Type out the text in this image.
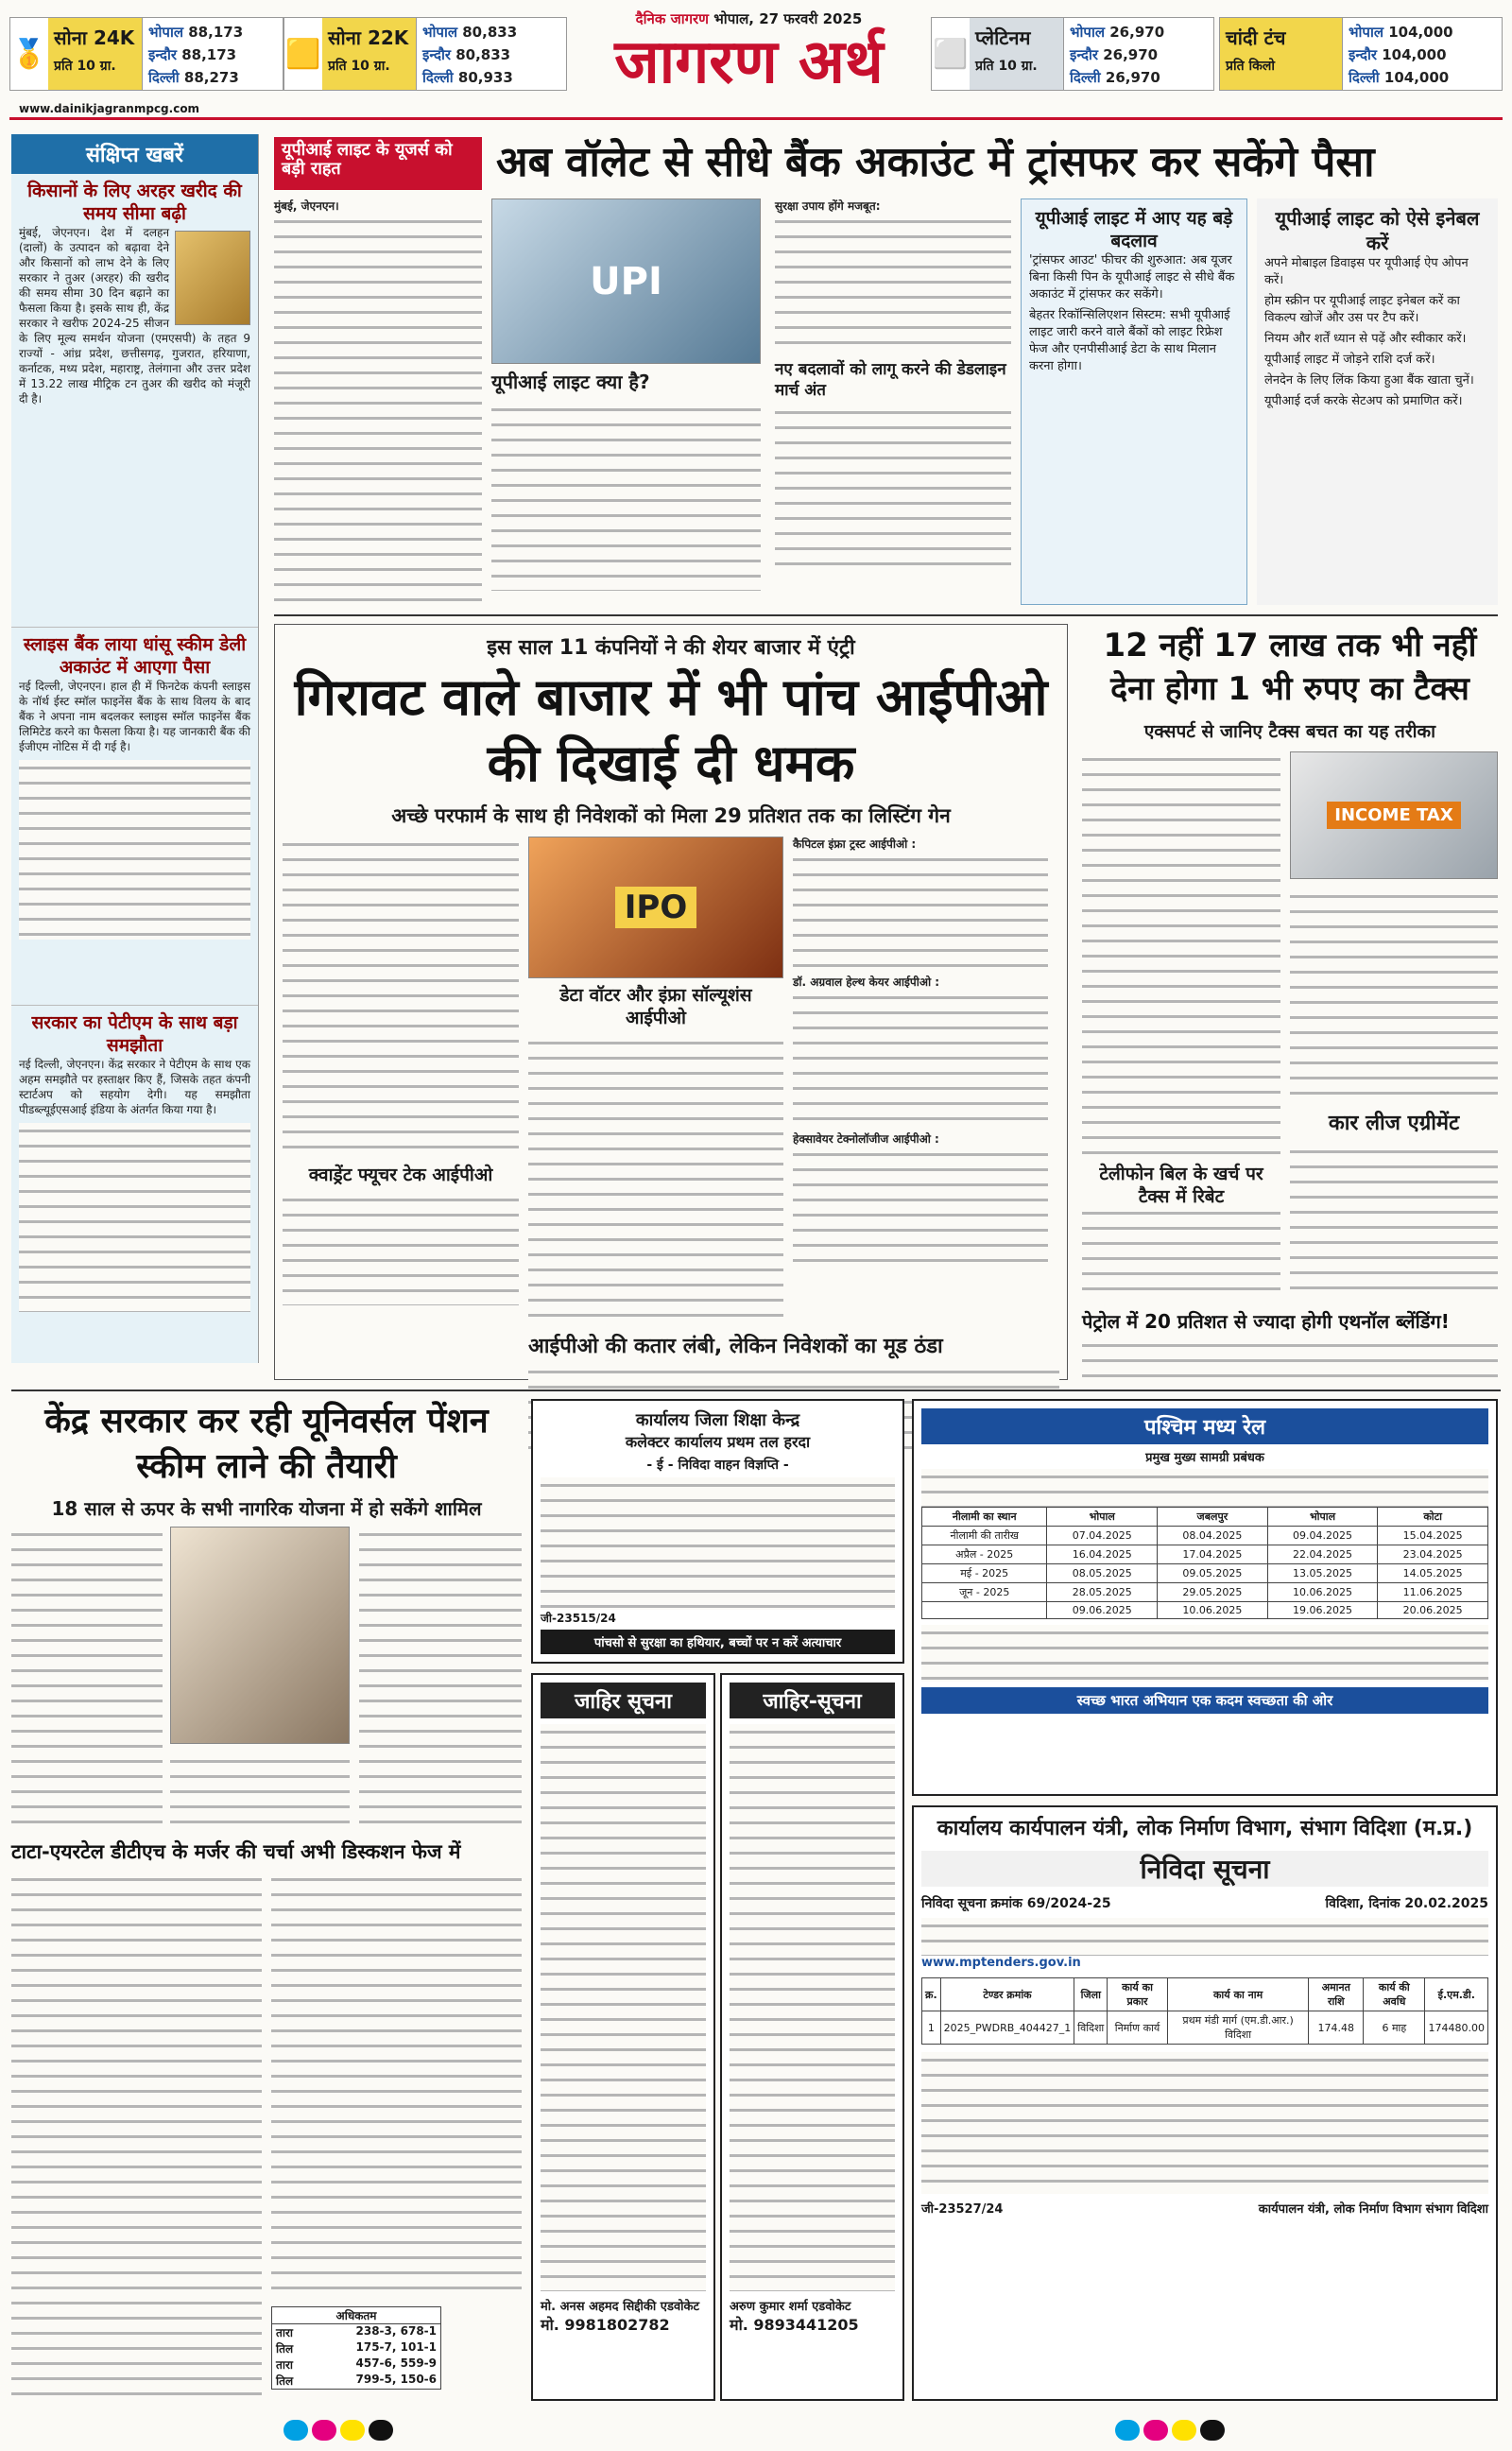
🥇 सोना 24K
प्रति 10 ग्रा.
भोपाल 88,173
इन्दौर 88,173
दिल्ली 88,273
🟨 सोना 22K
प्रति 10 ग्रा.
भोपाल 80,833
इन्दौर 80,833
दिल्ली 80,933
दैनिक जागरण भोपाल, 27 फरवरी 2025
जागरण अर्थ	⬜ प्लेटिनम
प्रति 10 ग्रा.
भोपाल 26,970
इन्दौर 26,970
दिल्ली 26,970
चांदी टंच
प्रति किलो
भोपाल 104,000
इन्दौर 104,000
दिल्ली 104,000
www.dainikjagranmpcg.com
संक्षिप्त खबरें
किसानों के लिए अरहर खरीद की समय सीमा बढ़ी
मुंबई, जेएनएन। देश में दलहन (दालों) के उत्पादन को बढ़ावा देने और किसानों को लाभ देने के लिए सरकार ने तुअर (अरहर) की खरीद की समय सीमा 30 दिन बढ़ाने का फैसला किया है। इसके साथ ही, केंद्र सरकार ने खरीफ 2024-25 सीजन के लिए मूल्य समर्थन योजना (एमएसपी) के तहत 9 राज्यों - आंध्र प्रदेश, छत्तीसगढ़, गुजरात, हरियाणा, कर्नाटक, मध्य प्रदेश, महाराष्ट्र, तेलंगाना और उत्तर प्रदेश में 13.22 लाख मीट्रिक टन तुअर की खरीद को मंजूरी दी है।
स्लाइस बैंक लाया धांसू स्कीम डेली अकाउंट में आएगा पैसा
नई दिल्ली, जेएनएन। हाल ही में फिनटेक कंपनी स्लाइस के नॉर्थ ईस्ट स्मॉल फाइनेंस बैंक के साथ विलय के बाद बैंक ने अपना नाम बदलकर स्लाइस स्मॉल फाइनेंस बैंक लिमिटेड करने का फैसला किया है। यह जानकारी बैंक की ईजीएम नोटिस में दी गई है।
सरकार का पेटीएम के साथ बड़ा समझौता
नई दिल्ली, जेएनएन। केंद्र सरकार ने पेटीएम के साथ एक अहम समझौते पर हस्ताक्षर किए हैं, जिसके तहत कंपनी स्टार्टअप को सहयोग देगी। यह समझौता पीडब्ल्यूईएसआई इंडिया के अंतर्गत किया गया है।
यूपीआई लाइट के यूजर्स को बड़ी राहत	अब वॉलेट से सीधे बैंक अकाउंट में ट्रांसफर कर सकेंगे पैसा
मुंबई, जेएनएन।
UPI
यूपीआई लाइट क्या है?
सुरक्षा उपाय होंगे मजबूत:
नए बदलावों को लागू करने की डेडलाइन मार्च अंत
यूपीआई लाइट में आए यह बड़े बदलाव
'ट्रांसफर आउट' फीचर की शुरुआत: अब यूजर बिना किसी पिन के यूपीआई लाइट से सीधे बैंक अकाउंट में ट्रांसफर कर सकेंगे।
बेहतर रिकॉन्सिलिएशन सिस्टम: सभी यूपीआई लाइट जारी करने वाले बैंकों को लाइट रिफ्रेश फेज और एनपीसीआई डेटा के साथ मिलान करना होगा।
यूपीआई लाइट को ऐसे इनेबल करें
अपने मोबाइल डिवाइस पर यूपीआई ऐप ओपन करें।
होम स्क्रीन पर यूपीआई लाइट इनेबल करें का विकल्प खोजें और उस पर टैप करें।
नियम और शर्तें ध्यान से पढ़ें और स्वीकार करें।
यूपीआई लाइट में जोड़ने राशि दर्ज करें।
लेनदेन के लिए लिंक किया हुआ बैंक खाता चुनें।
यूपीआई दर्ज करके सेटअप को प्रमाणित करें।
इस साल 11 कंपनियों ने की शेयर बाजार में एंट्री
गिरावट वाले बाजार में भी पांच आईपीओ की दिखाई दी धमक
अच्छे परफार्म के साथ ही निवेशकों को मिला 29 प्रतिशत तक का लिस्टिंग गेन
क्वाड्रेंट फ्यूचर टेक आईपीओ
IPO
डेटा वॉटर और इंफ्रा सॉल्यूशंस आईपीओ
कैपिटल इंफ्रा ट्रस्ट आईपीओ :
डॉ. अग्रवाल हेल्थ केयर आईपीओ :
हेक्सावेयर टेक्नोलॉजीज आईपीओ :
आईपीओ की कतार लंबी, लेकिन निवेशकों का मूड ठंडा
12 नहीं 17 लाख तक भी नहीं देना होगा 1 भी रुपए का टैक्स
एक्सपर्ट से जानिए टैक्स बचत का यह तरीका
INCOME TAX
कार लीज एग्रीमेंट
टेलीफोन बिल के खर्च पर टैक्स में रिबेट
पेट्रोल में 20 प्रतिशत से ज्यादा होगी एथनॉल ब्लेंडिंग!
केंद्र सरकार कर रही यूनिवर्सल पेंशन स्कीम लाने की तैयारी
18 साल से ऊपर के सभी नागरिक योजना में हो सकेंगे शामिल
टाटा-एयरटेल डीटीएच के मर्जर की चर्चा अभी डिस्कशन फेज में
अधिकतम
तारा	238-3, 678-1
तिल	175-7, 101-1
तारा	457-6, 559-9
तिल	799-5, 150-6
कार्यालय जिला शिक्षा केन्द्र
कलेक्टर कार्यालय प्रथम तल हरदा
- ई - निविदा वाहन विज्ञप्ति -
जी-23515/24
पांचसो से सुरक्षा का हथियार, बच्चों पर न करें अत्याचार
जाहिर सूचना
मो. अनस अहमद सिद्दीकी एडवोकेट
मो. 9981802782
जाहिर-सूचना
अरुण कुमार शर्मा एडवोकेट
मो. 9893441205
पश्चिम मध्य रेल
प्रमुख मुख्य सामग्री प्रबंधक
नीलामी का स्थान	भोपाल	जबलपुर	भोपाल	कोटा
नीलामी की तारीख	07.04.2025	08.04.2025	09.04.2025	15.04.2025
अप्रैल - 2025	16.04.2025	17.04.2025	22.04.2025	23.04.2025
मई - 2025	08.05.2025	09.05.2025	13.05.2025	14.05.2025
जून - 2025	28.05.2025	29.05.2025	10.06.2025	11.06.2025
	09.06.2025	10.06.2025	19.06.2025	20.06.2025
स्वच्छ भारत अभियान एक कदम स्वच्छता की ओर
कार्यालय कार्यपालन यंत्री, लोक निर्माण विभाग, संभाग विदिशा (म.प्र.)
निविदा सूचना
निविदा सूचना क्रमांक 69/2024-25	विदिशा, दिनांक 20.02.2025
www.mptenders.gov.in
क्र.	टेण्डर क्रमांक	जिला	कार्य का प्रकार	कार्य का नाम	अमानत राशि	कार्य की अवधि	ई.एम.डी.
1	2025_PWDRB_404427_1	विदिशा	निर्माण कार्य	प्रथम मंडी मार्ग (एम.डी.आर.) विदिशा	174.48	6 माह	174480.00
जी-23527/24	कार्यपालन यंत्री, लोक निर्माण विभाग संभाग विदिशा
